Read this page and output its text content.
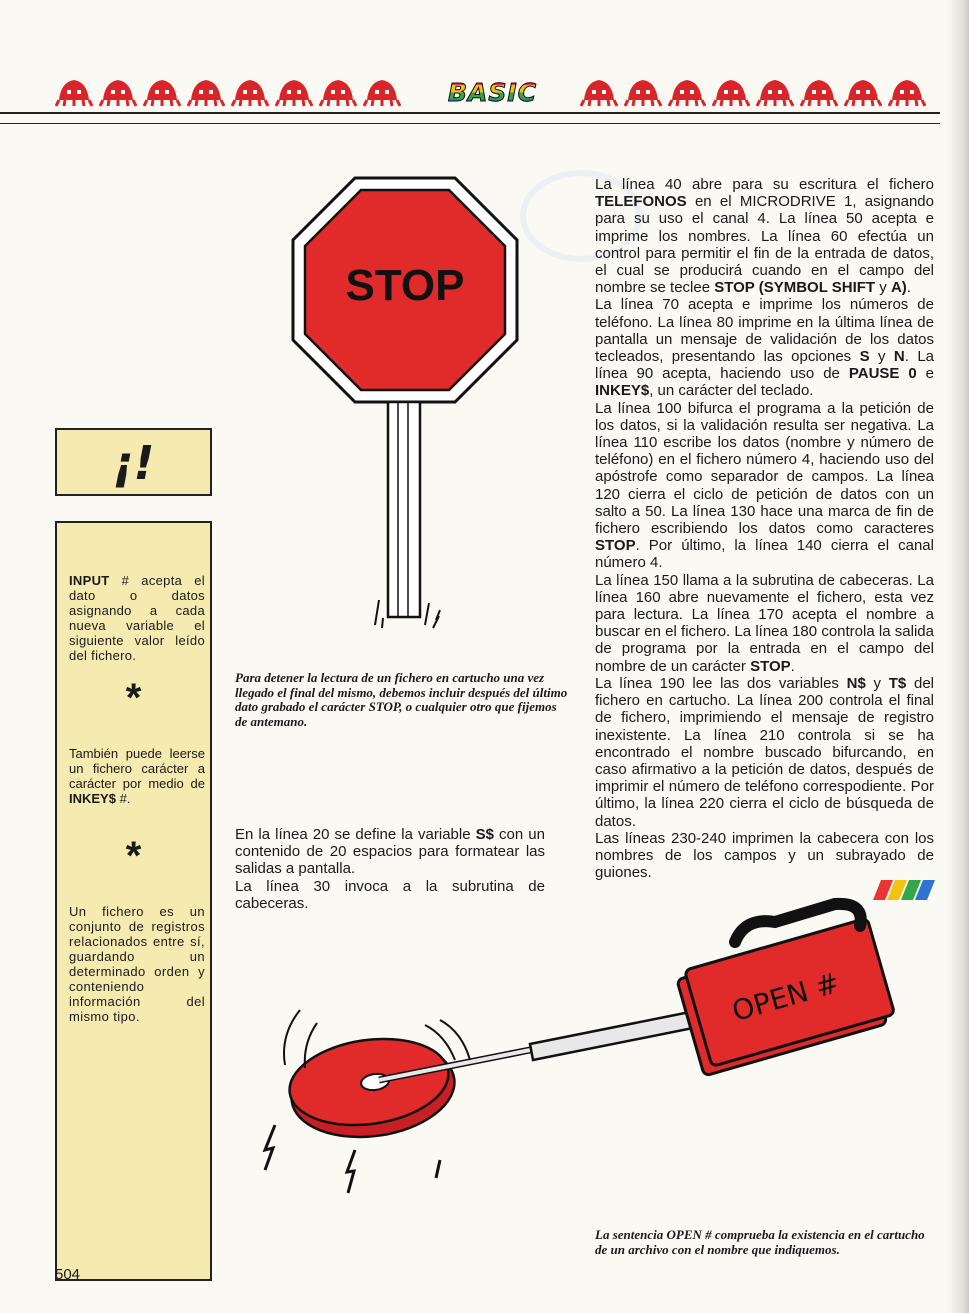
BASIC
¡!
INPUT # acepta el dato o datos asignando a cada nueva variable el siguiente valor leído del fichero.
*
También puede leerse un fichero carácter a carácter por medio de INKEY$ #.
*
Un fichero es un conjunto de registros relacionados entre sí, guardando un determinado orden y conteniendo información del mismo tipo.
STOP
Para detener la lectura de un fichero en cartucho una vez llegado el final del mismo, debemos incluir después del último dato grabado el carácter STOP, o cualquier otro que fijemos de antemano.

En la línea 20 se define la variable S$ con un contenido de 20 espacios para formatear las salidas a pantalla.

La línea 30 invoca a la subrutina de cabeceras.

La línea 40 abre para su escritura el fichero TELEFONOS en el MICRODRIVE 1, asignando para su uso el canal 4. La línea 50 acepta e imprime los nombres. La línea 60 efectúa un control para permitir el fin de la entrada de datos, el cual se producirá cuando en el campo del nombre se teclee STOP (SYMBOL SHIFT y A).

La línea 70 acepta e imprime los números de teléfono. La línea 80 imprime en la última línea de pantalla un mensaje de validación de los datos tecleados, presentando las opciones S y N. La línea 90 acepta, haciendo uso de PAUSE 0 e INKEY$, un carácter del teclado.

La línea 100 bifurca el programa a la petición de los datos, si la validación resulta ser negativa. La línea 110 escribe los datos (nombre y número de teléfono) en el fichero número 4, haciendo uso del apóstrofe como separador de campos. La línea 120 cierra el ciclo de petición de datos con un salto a 50. La línea 130 hace una marca de fin de fichero escribiendo los datos como caracteres STOP. Por último, la línea 140 cierra el canal número 4.

La línea 150 llama a la subrutina de cabeceras. La línea 160 abre nuevamente el fichero, esta vez para lectura. La línea 170 acepta el nombre a buscar en el fichero. La línea 180 controla la salida de programa por la entrada en el campo del nombre de un carácter STOP.

La línea 190 lee las dos variables N$ y T$ del fichero en cartucho. La línea 200 controla el final de fichero, imprimiendo el mensaje de registro inexistente. La línea 210 controla si se ha encontrado el nombre buscado bifurcando, en caso afirmativo a la petición de datos, después de imprimir el número de teléfono correspodiente. Por último, la línea 220 cierra el ciclo de búsqueda de datos.

Las líneas 230-240 imprimen la cabecera con los nombres de los campos y un subrayado de guiones.

OPEN #
La sentencia OPEN # comprueba la existencia en el cartucho de un archivo con el nombre que indiquemos.
504
